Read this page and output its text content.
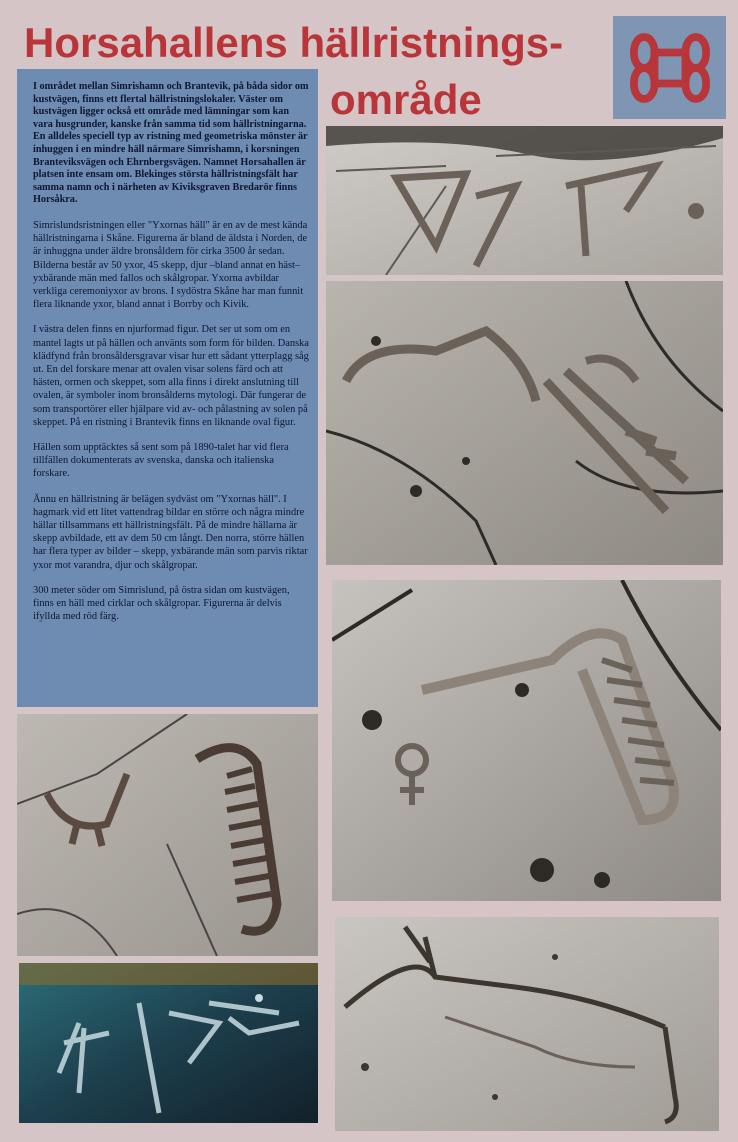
Horsahallens hällristnings-
område

I området mellan Simrishamn och Brantevik, på båda sidor om kustvägen, finns ett flertal hällristningslokaler. Väster om kustvägen ligger också ett område med lämningar som kan vara husgrunder, kanske från samma tid som hällristningarna. En alldeles speciell typ av ristning med geometriska mönster är inhuggen i en mindre häll närmare Simrishamn, i korsningen Branteviksvägen och Ehrnbergsvägen. Namnet Horsahallen är platsen inte ensam om. Blekinges största hällristningsfält har samma namn och i närheten av Kiviksgraven Bredarör finns Horsåkra.

Simrislundsristningen eller "Yxornas häll" är en av de mest kända hällristningarna i Skåne. Figurerna är bland de äldsta i Norden, de är inhuggna under äldre bronsåldern för cirka 3500 år sedan. Bilderna består av 50 yxor, 45 skepp, djur –bland annat en häst– yxbärande män med fallos och skålgropar. Yxorna avbildar verkliga ceremoniyxor av brons. I sydöstra Skåne har man funnit flera liknande yxor, bland annat i Borrby och Kivik.

I västra delen finns en njurformad figur. Det ser ut som om en mantel lagts ut på hällen och använts som form för bilden. Danska klädfynd från bronsåldersgravar visar hur ett sådant ytterplagg såg ut. En del forskare menar att ovalen visar solens färd och att hästen, ormen och skeppet, som alla finns i direkt anslutning till ovalen, är symboler inom bronsålderns mytologi. Där fungerar de som transportörer eller hjälpare vid av- och pålastning av solen på skeppet. På en ristning i Brantevik finns en liknande oval figur.

Hällen som upptäcktes så sent som på 1890-talet har vid flera tillfällen dokumenterats av svenska, danska och italienska forskare.

Ännu en hällristning är belägen sydväst om "Yxornas häll". I hagmark vid ett litet vattendrag bildar en större och några mindre hällar tillsammans ett hällristningsfält. På de mindre hällarna är skepp avbildade, ett av dem 50 cm långt. Den norra, större hällen har flera typer av bilder – skepp, yxbärande män som parvis riktar yxor mot varandra, djur och skålgropar.

300 meter söder om Simrislund, på östra sidan om kustvägen, finns en häll med cirklar och skålgropar. Figurerna är delvis ifyllda med röd färg.
